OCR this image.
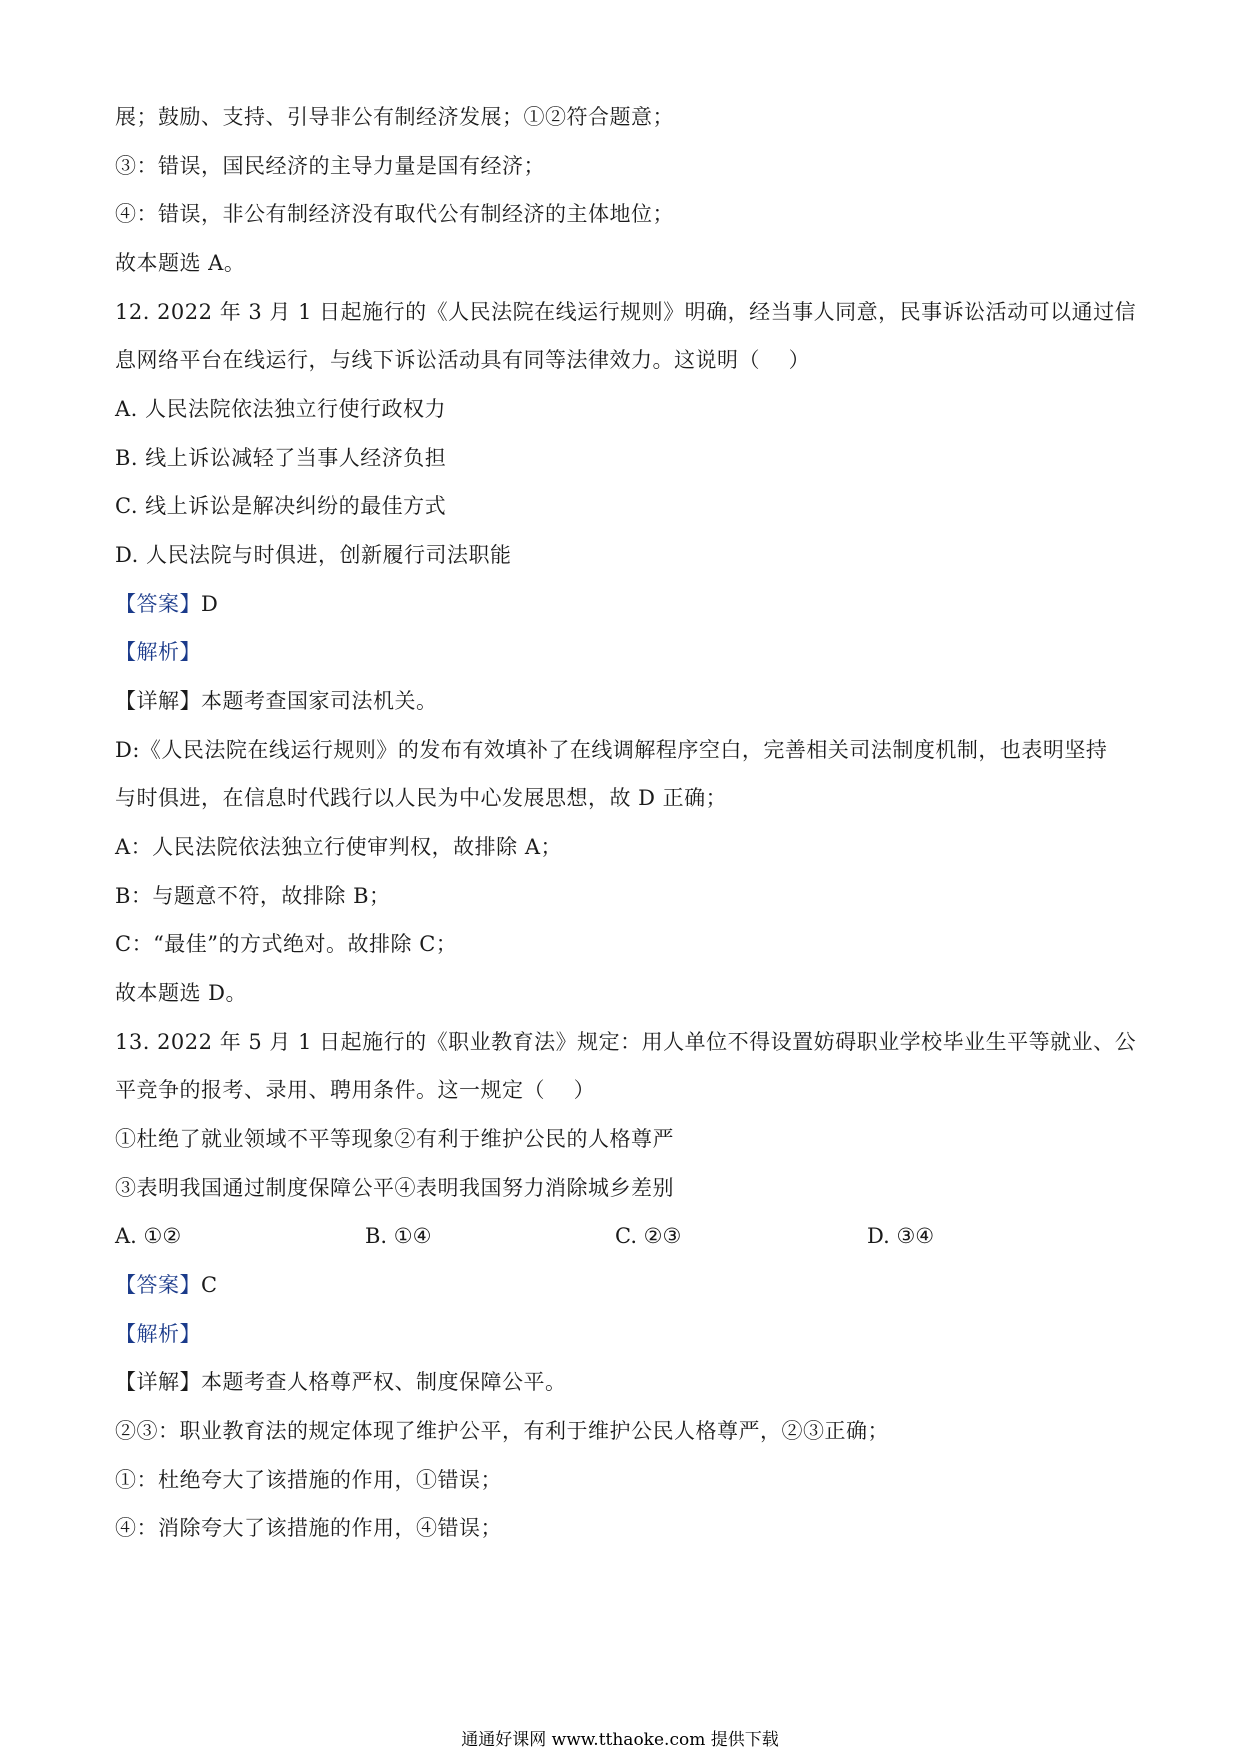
展；鼓励、支持、引导非公有制经济发展；①②符合题意；
③：错误，国民经济的主导力量是国有经济；
④：错误，非公有制经济没有取代公有制经济的主体地位；
故本题选 A。
12. 2022 年 3 月 1 日起施行的《人民法院在线运行规则》明确，经当事人同意，民事诉讼活动可以通过信
息网络平台在线运行，与线下诉讼活动具有同等法律效力。这说明（　 ）
A. 人民法院依法独立行使行政权力
B. 线上诉讼减轻了当事人经济负担
C. 线上诉讼是解决纠纷的最佳方式
D. 人民法院与时俱进，创新履行司法职能
【答案】D
【解析】
【详解】本题考查国家司法机关。
D:《人民法院在线运行规则》的发布有效填补了在线调解程序空白，完善相关司法制度机制，也表明坚持
与时俱进，在信息时代践行以人民为中心发展思想，故 D 正确；
A：人民法院依法独立行使审判权，故排除 A；
B：与题意不符，故排除 B；
C：“最佳”的方式绝对。故排除 C；
故本题选 D。
13. 2022 年 5 月 1 日起施行的《职业教育法》规定：用人单位不得设置妨碍职业学校毕业生平等就业、公
平竞争的报考、录用、聘用条件。这一规定（　 ）
①杜绝了就业领域不平等现象②有利于维护公民的人格尊严
③表明我国通过制度保障公平④表明我国努力消除城乡差别
A. ①②	B. ①④	C. ②③	D. ③④
【答案】C
【解析】
【详解】本题考查人格尊严权、制度保障公平。
②③：职业教育法的规定体现了维护公平，有利于维护公民人格尊严，②③正确；
①：杜绝夸大了该措施的作用，①错误；
④：消除夸大了该措施的作用，④错误；
通通好课网 www.tthaoke.com 提供下载
